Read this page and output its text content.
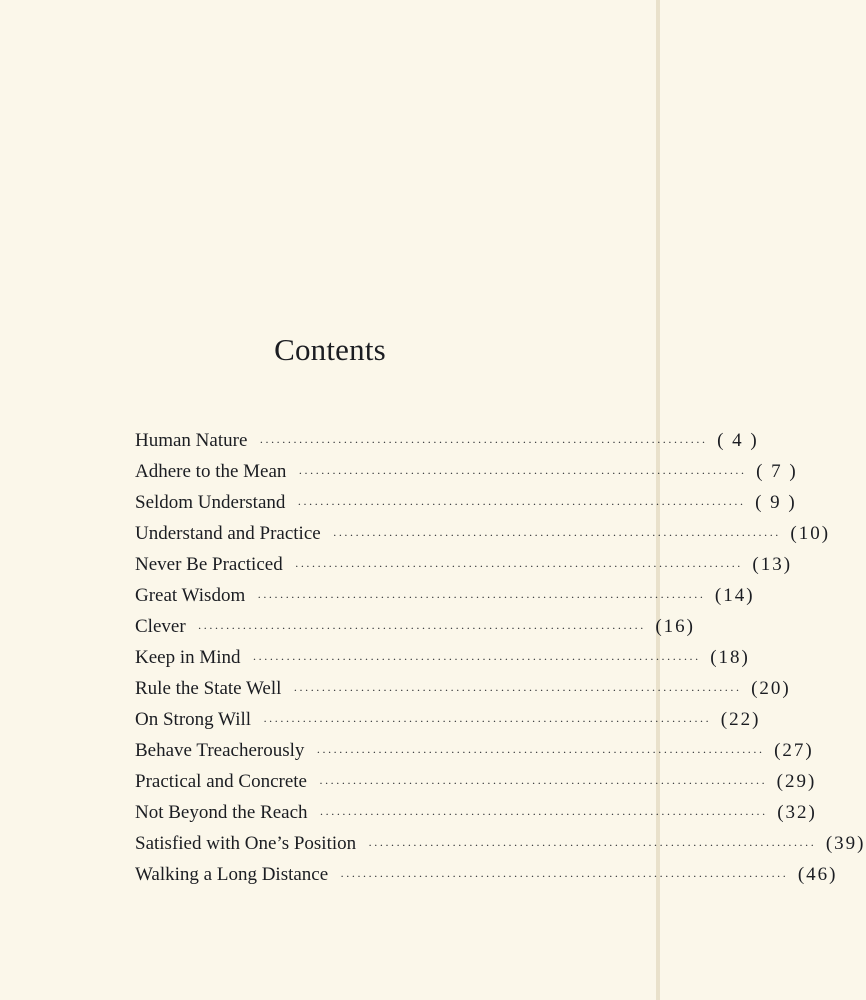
Contents
Human Nature	················································································ ( 4 )
Adhere to the Mean	················································································ ( 7 )
Seldom Understand	················································································ ( 9 )
Understand and Practice	················································································ (10)
Never Be Practiced	················································································ (13)
Great Wisdom	················································································ (14)
Clever	················································································ (16)
Keep in Mind	················································································ (18)
Rule the State Well	················································································ (20)
On Strong Will	················································································ (22)
Behave Treacherously	················································································ (27)
Practical and Concrete	················································································ (29)
Not Beyond the Reach	················································································ (32)
Satisfied with One’s Position	················································································ (39)
Walking a Long Distance	················································································ (46)
